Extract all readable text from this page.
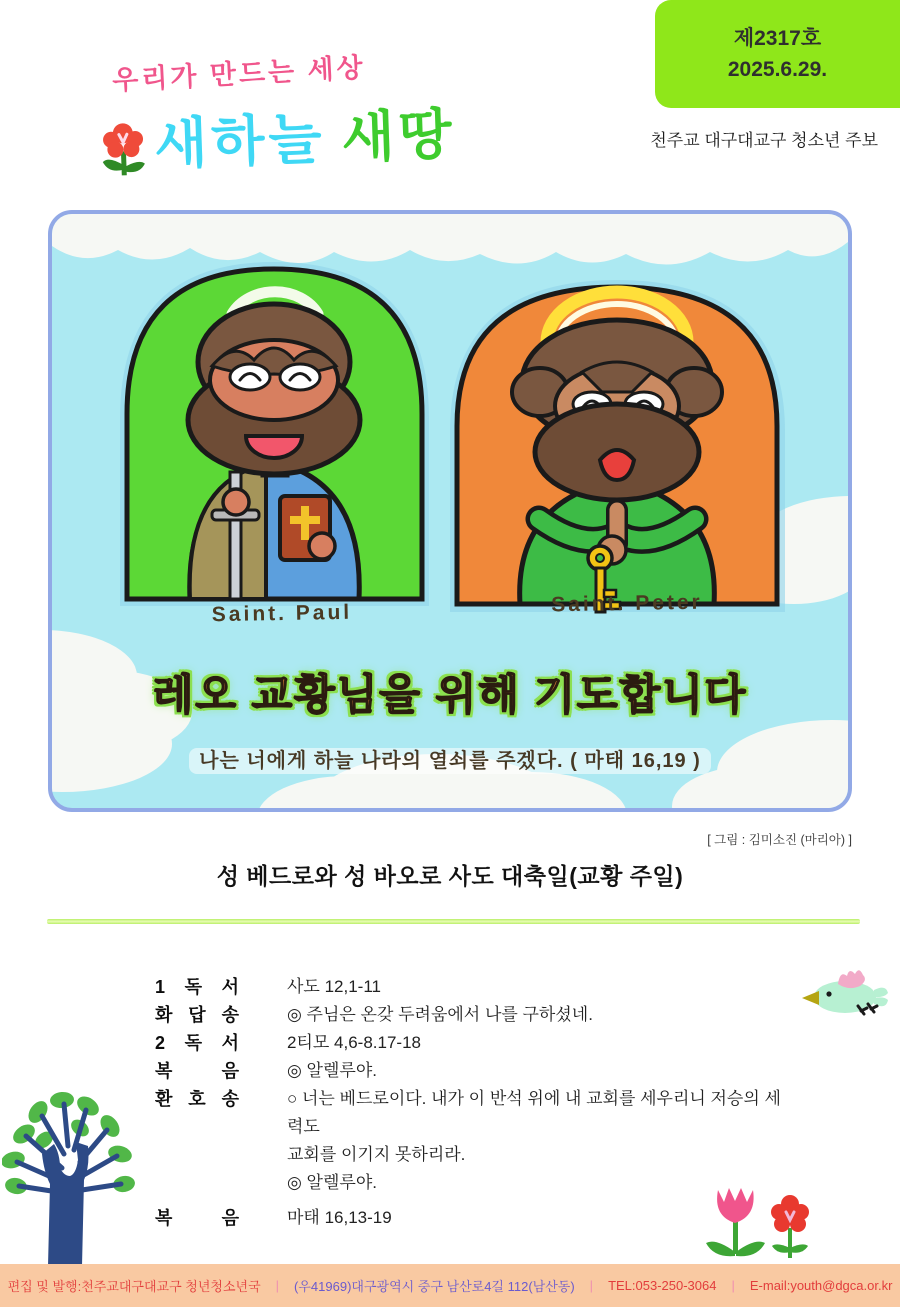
우리가 만드는 세상
새하늘 새땅
제2317호
2025.6.29.
천주교 대구대교구 청소년 주보
Saint. Paul	Saint. Peter
레오 교황님을 위해 기도합니다
나는 너에게 하늘 나라의 열쇠를 주겠다. ( 마태 16,19 )
[ 그림 : 김미소진 (마리아) ]
성 베드로와 성 바오로 사도 대축일(교황 주일)
1 독 서	사도 12,1-11
화 답 송	◎ 주님은 온갖 두려움에서 나를 구하셨네.
2 독 서	2티모 4,6-8.17-18
복 음	◎ 알렐루야.
환 호 송	○ 너는 베드로이다. 내가 이 반석 위에 내 교회를 세우리니 저승의 세력도
교회를 이기지 못하리라.
◎ 알렐루야.
복 음	마태 16,13-19
편집 및 발행:천주교대구대교구 청년청소년국 | (우41969)대구광역시 중구 남산로4길 112(남산동) | TEL:053-250-3064 | E-mail:youth@dgca.or.kr
